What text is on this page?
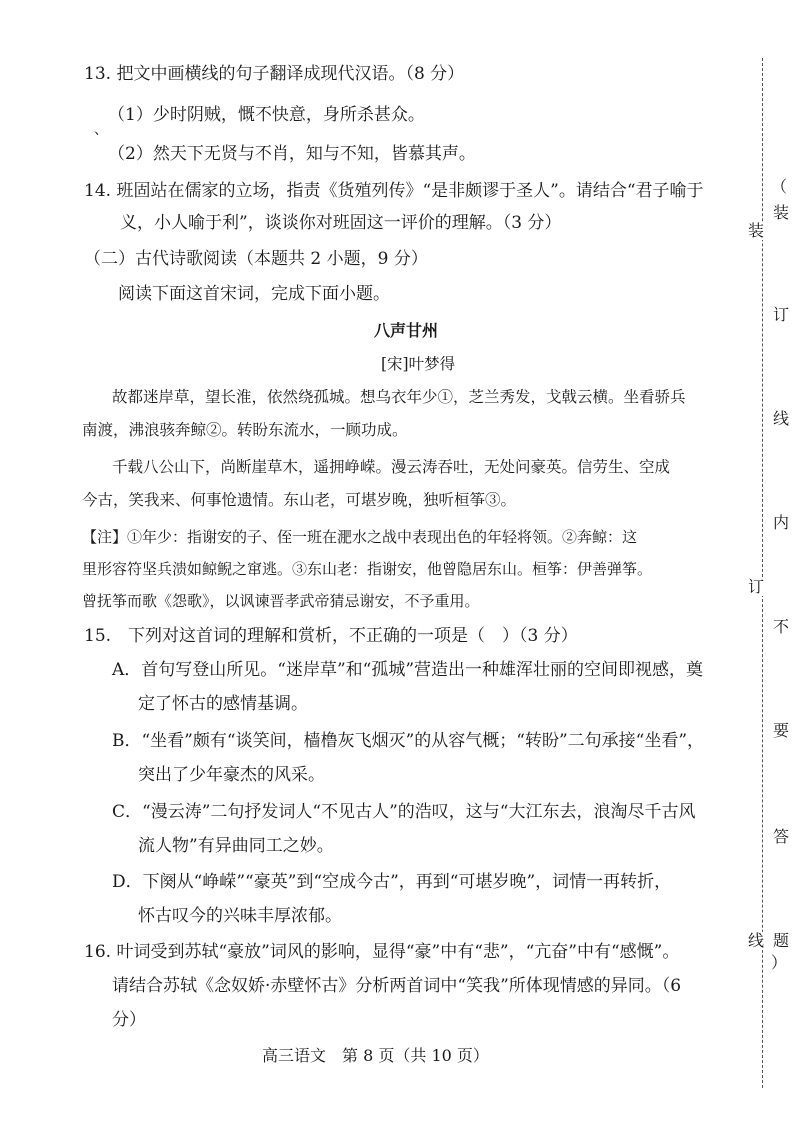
13. 把文中画横线的句子翻译成现代汉语。（8 分）
、
（1）少时阴贼，慨不快意，身所杀甚众。
（2）然天下无贤与不肖，知与不知，皆慕其声。
14. 班固站在儒家的立场，指责《货殖列传》“是非颇谬于圣人”。请结合“君子喻于
义，小人喻于利”，谈谈你对班固这一评价的理解。（3 分）
（二）古代诗歌阅读（本题共 2 小题，9 分）
阅读下面这首宋词，完成下面小题。
八声甘州
[宋]叶梦得
故都迷岸草，望长淮，依然绕孤城。想乌衣年少①，芝兰秀发，戈戟云横。坐看骄兵
南渡，沸浪骇奔鲸②。转盼东流水，一顾功成。
千载八公山下，尚断崖草木，遥拥峥嵘。漫云涛吞吐，无处问豪英。信劳生、空成
今古，笑我来、何事怆遗情。东山老，可堪岁晚，独听桓筝③。
【注】①年少：指谢安的子、侄一班在淝水之战中表现出色的年轻将领。②奔鲸：这
里形容符坚兵溃如鲸鲵之窜逃。③东山老：指谢安，他曾隐居东山。桓筝：伊善弹筝。
曾抚筝而歌《怨歌》，以讽谏晋孝武帝猜忌谢安，不予重用。
15.　下列对这首词的理解和赏析，不正确的一项是（　）（3 分）
A．首句写登山所见。“迷岸草”和“孤城”营造出一种雄浑壮丽的空间即视感，奠
定了怀古的感情基调。
B．“坐看”颇有“谈笑间，樯橹灰飞烟灭”的从容气概；“转盼”二句承接“坐看”，
突出了少年豪杰的风采。
C．“漫云涛”二句抒发词人“不见古人”的浩叹，这与“大江东去，浪淘尽千古风
流人物”有异曲同工之妙。
D．下阕从“峥嵘”“豪英”到“空成今古”，再到“可堪岁晚”，词情一再转折，
怀古叹今的兴味丰厚浓郁。
16. 叶词受到苏轼“豪放”词风的影响，显得“豪”中有“悲”，“亢奋”中有“感慨”。
请结合苏轼《念奴娇·赤壁怀古》分析两首词中“笑我”所体现情感的异同。（6
分）
高三语文　第 8 页（共 10 页）
（
装
订
线
内
不
要
答
题
）
装
订
线
